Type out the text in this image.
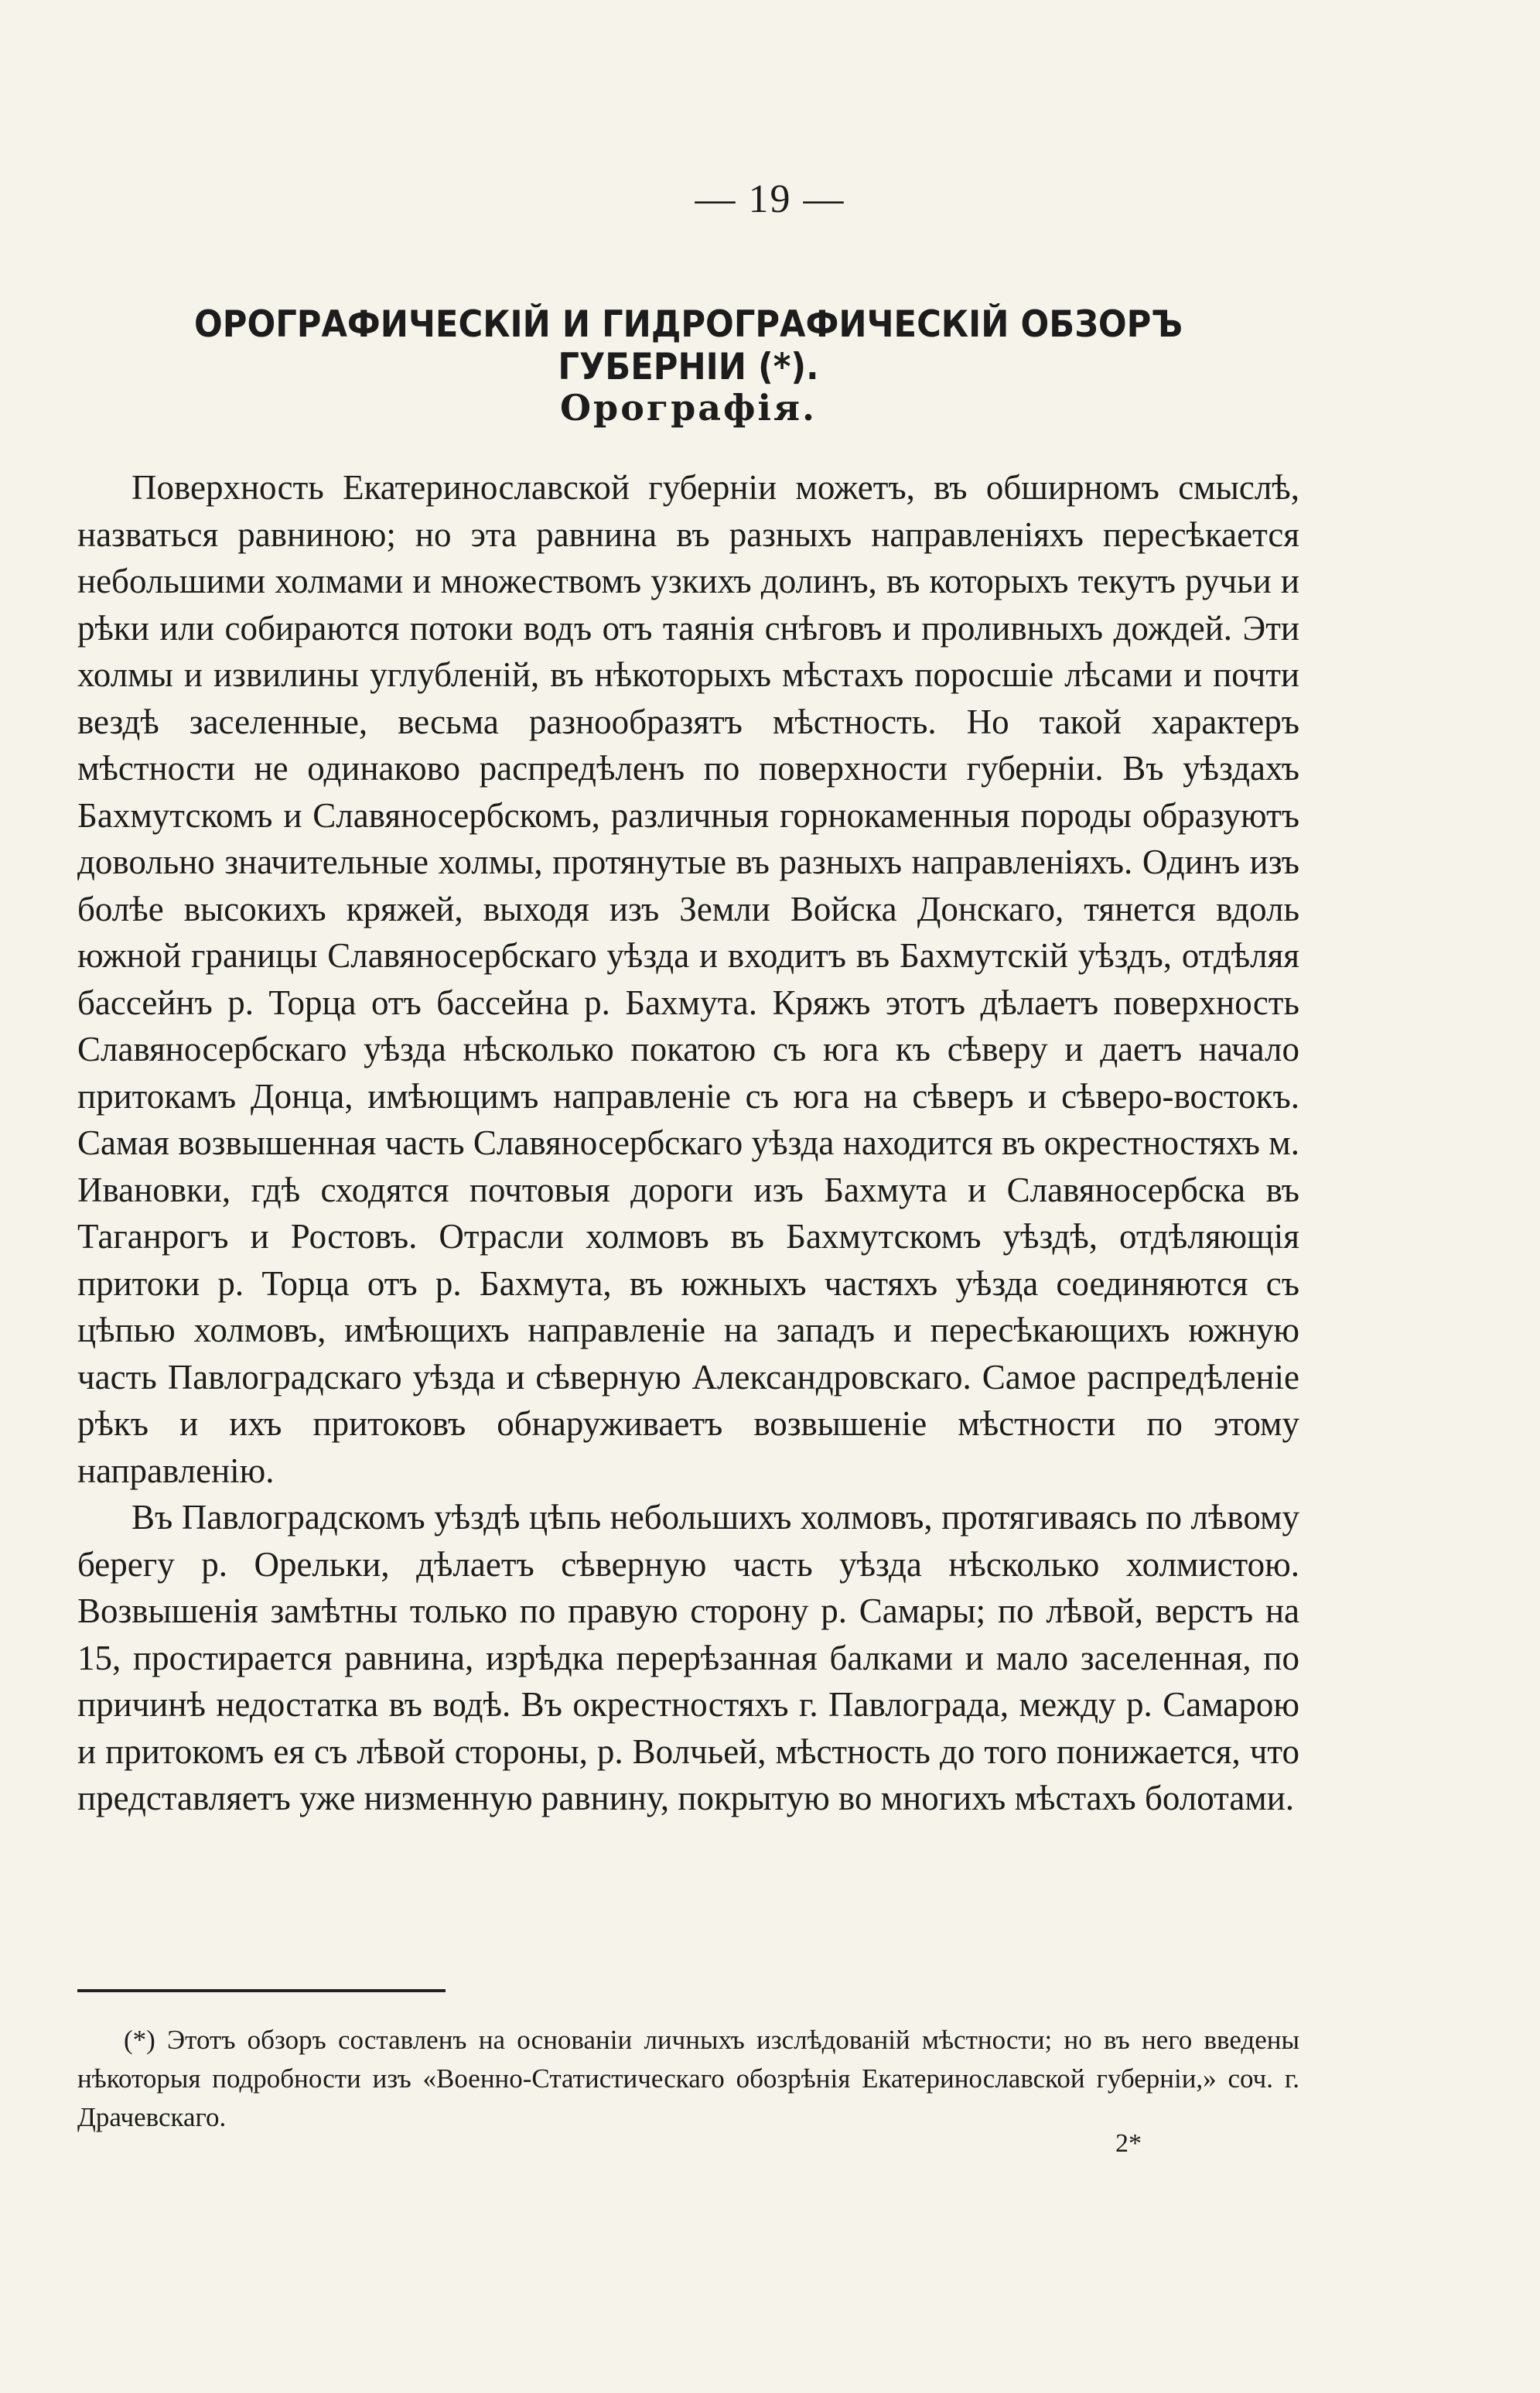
— 19 —
ОРОГРАФИЧЕСКІЙ И ГИДРОГРАФИЧЕСКІЙ ОБЗОРЪ ГУБЕРНІИ (*).
Орографія.

Поверхность Екатеринославской губерніи можетъ, въ обширномъ смыслѣ, назваться равниною; но эта равнина въ разныхъ направленіяхъ пересѣкается небольшими холмами и множествомъ узкихъ долинъ, въ которыхъ текутъ ручьи и рѣки или собираются потоки водъ отъ таянія снѣговъ и проливныхъ дождей. Эти холмы и извилины углубленій, въ нѣкоторыхъ мѣстахъ поросшіе лѣсами и почти вездѣ заселенные, весьма разнообразятъ мѣстность. Но такой характеръ мѣстности не одинаково распредѣленъ по поверхности губерніи. Въ уѣздахъ Бахмутскомъ и Славяносербскомъ, различныя горнокаменныя породы образуютъ довольно значительные холмы, протянутые въ разныхъ направленіяхъ. Одинъ изъ болѣе высокихъ кряжей, выходя изъ Земли Войска Донскаго, тянется вдоль южной границы Славяносербскаго уѣзда и входитъ въ Бахмутскій уѣздъ, отдѣляя бассейнъ р. Торца отъ бассейна р. Бахмута. Кряжъ этотъ дѣлаетъ поверхность Славяносербскаго уѣзда нѣсколько покатою съ юга къ сѣверу и даетъ начало притокамъ Донца, имѣющимъ направленіе съ юга на сѣверъ и сѣверо-востокъ. Самая возвышенная часть Славяносербскаго уѣзда находится въ окрестностяхъ м. Ивановки, гдѣ сходятся почтовыя дороги изъ Бахмута и Славяносербска въ Таганрогъ и Ростовъ. Отрасли холмовъ въ Бахмутскомъ уѣздѣ, отдѣляющія притоки р. Торца отъ р. Бахмута, въ южныхъ частяхъ уѣзда соединяются съ цѣпью холмовъ, имѣющихъ направленіе на западъ и пересѣкающихъ южную часть Павлоградскаго уѣзда и сѣверную Александровскаго. Самое распредѣленіе рѣкъ и ихъ притоковъ обнаруживаетъ возвышеніе мѣстности по этому направленію.

Въ Павлоградскомъ уѣздѣ цѣпь небольшихъ холмовъ, протягиваясь по лѣвому берегу р. Орельки, дѣлаетъ сѣверную часть уѣзда нѣсколько холмистою. Возвышенія замѣтны только по правую сторону р. Самары; по лѣвой, верстъ на 15, простирается равнина, изрѣдка перерѣзанная балками и мало заселенная, по причинѣ недостатка въ водѣ. Въ окрестностяхъ г. Павлограда, между р. Самарою и притокомъ ея съ лѣвой стороны, р. Волчьей, мѣстность до того понижается, что представляетъ уже низменную равнину, покрытую во многихъ мѣстахъ болотами.

(*) Этотъ обзоръ составленъ на основаніи личныхъ изслѣдованій мѣстности; но въ него введены нѣкоторыя подробности изъ «Военно-Статистическаго обозрѣнія Екатеринославской губерніи,» соч. г. Драчевскаго.

2*
